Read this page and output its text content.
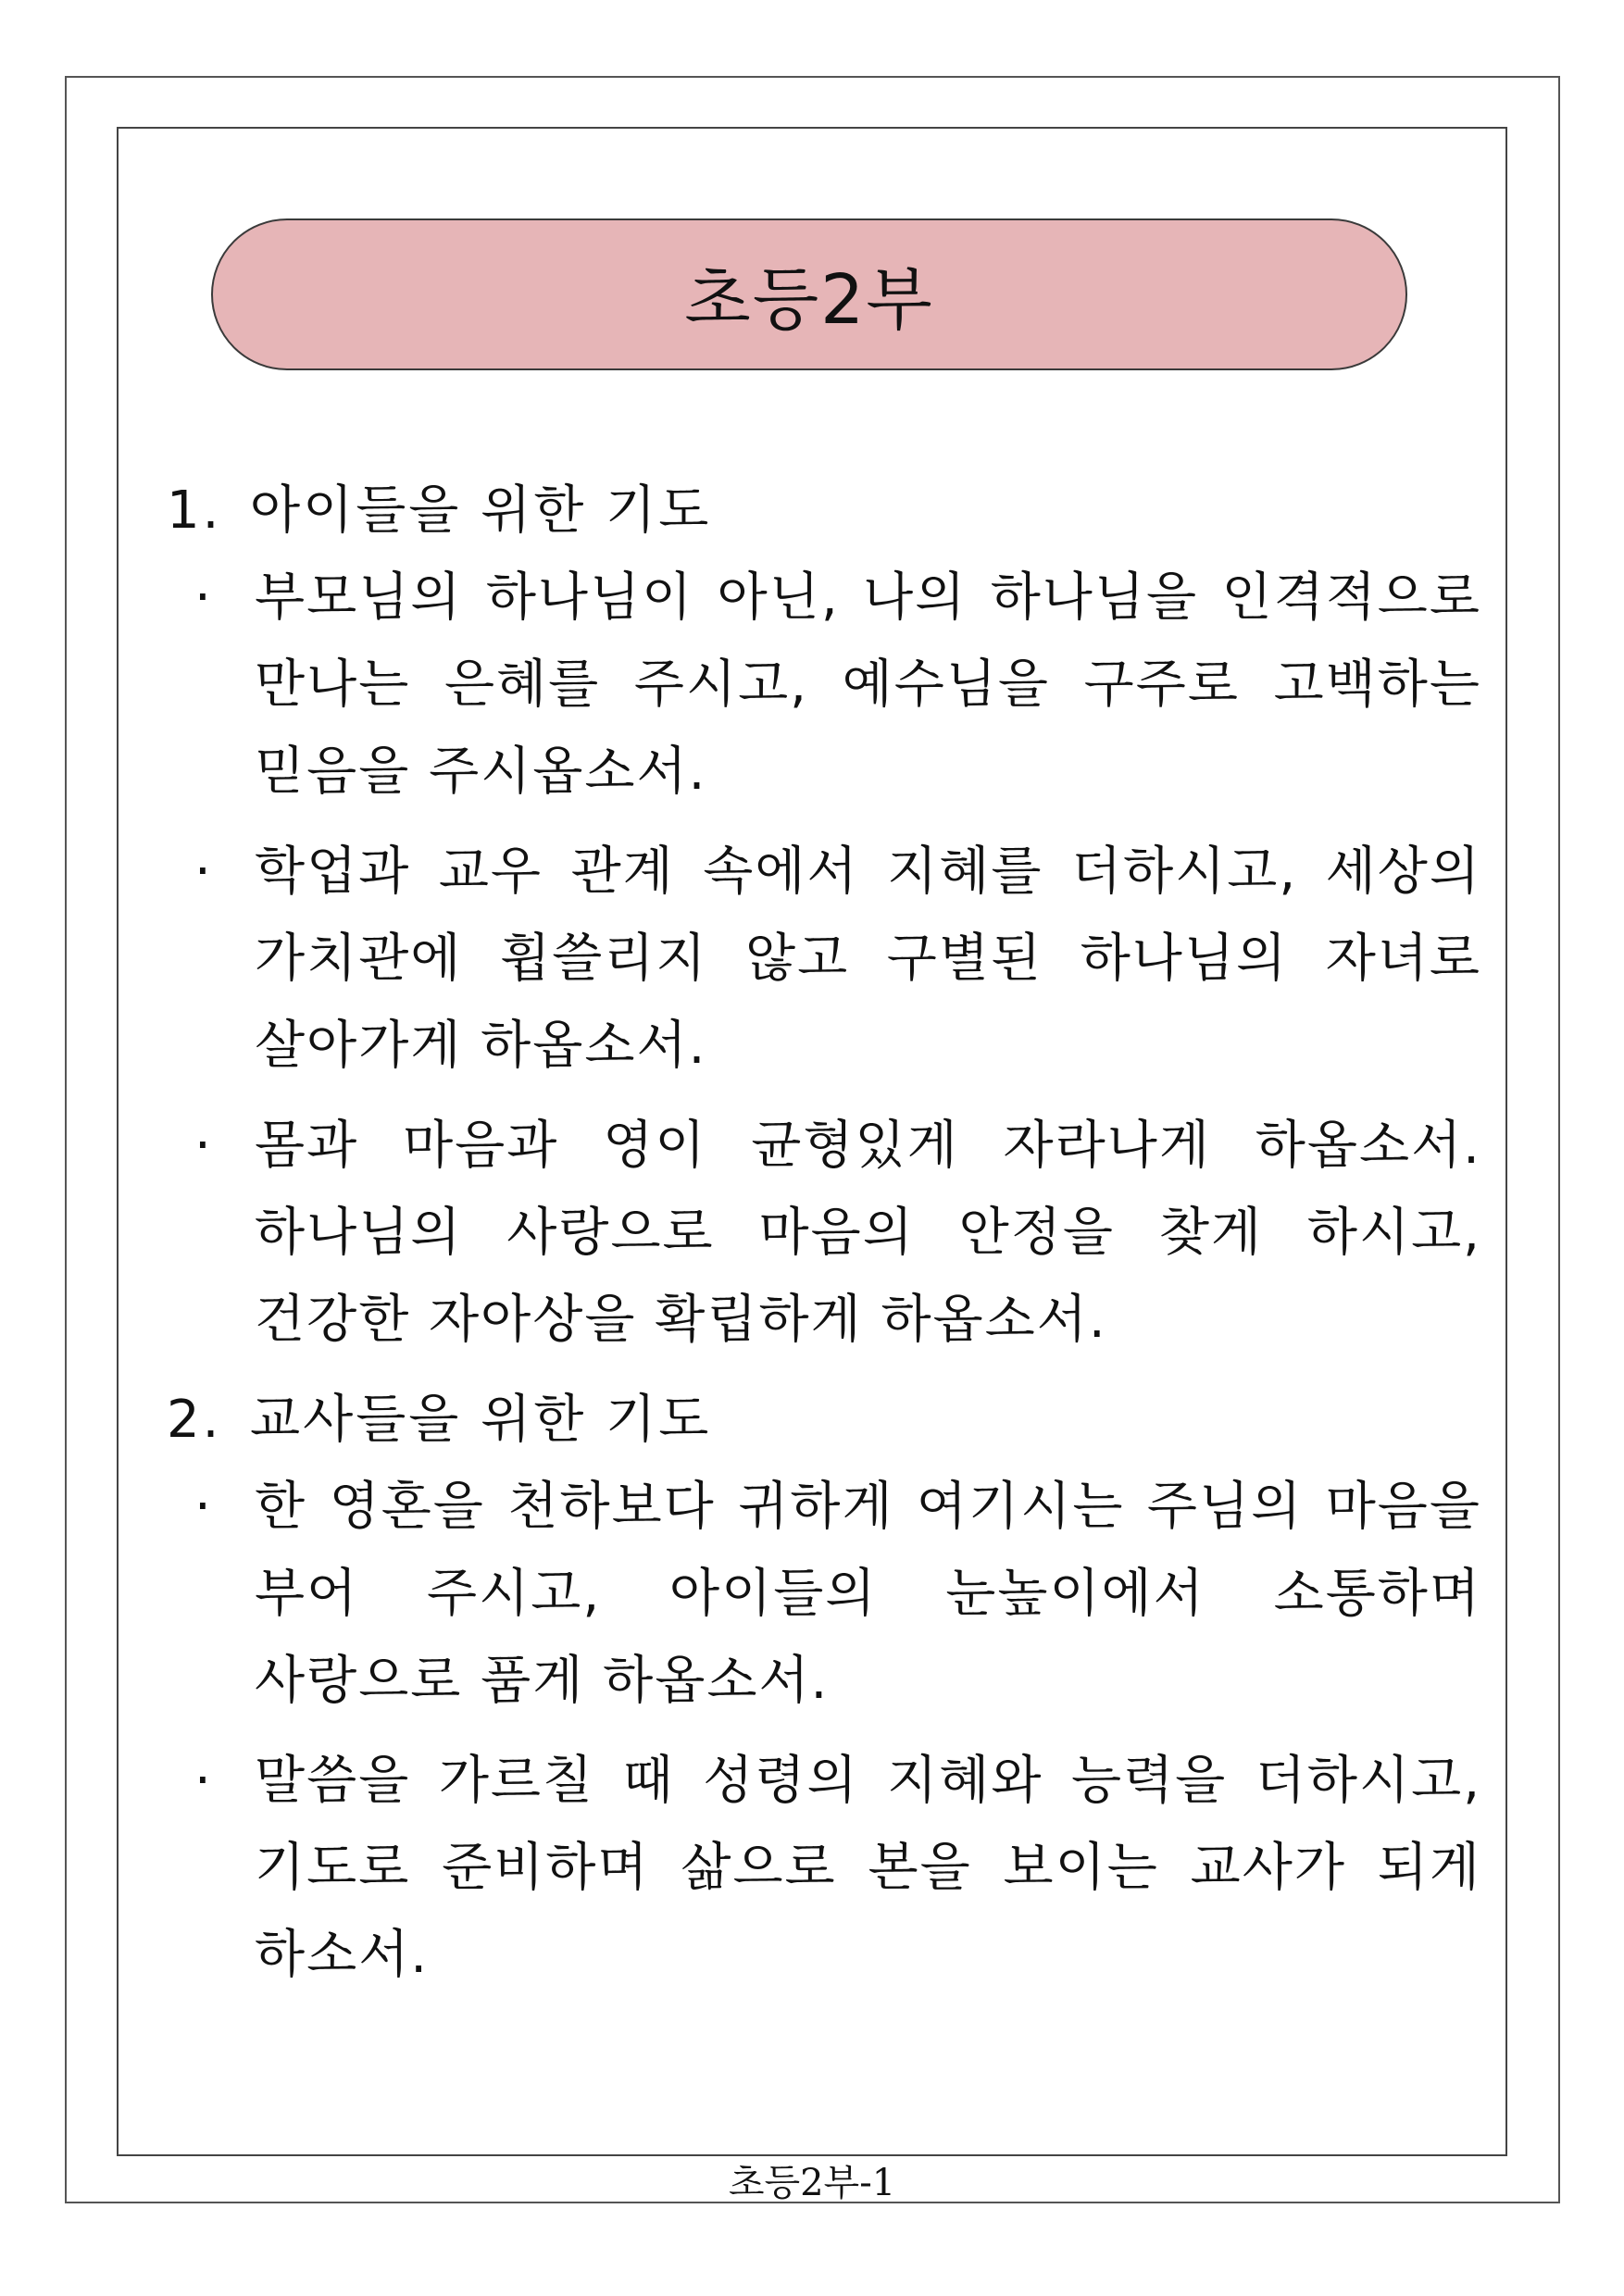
초등2부
1. 아이들을 위한 기도
· 부모님의 하나님이 아닌, 나의 하나님을 인격적으로 만나는 은혜를 주시고, 예수님을 구주로 고백하는 믿음을 주시옵소서.
· 학업과 교우 관계 속에서 지혜를 더하시고, 세상의 가치관에 휩쓸리지 않고 구별된 하나님의 자녀로 살아가게 하옵소서.
· 몸과 마음과 영이 균형있게 자라나게 하옵소서. 하나님의 사랑으로 마음의 안정을 찾게 하시고, 건강한 자아상을 확립하게 하옵소서.
2. 교사들을 위한 기도
· 한 영혼을 천하보다 귀하게 여기시는 주님의 마음을 부어 주시고, 아이들의 눈높이에서 소통하며 사랑으로 품게 하옵소서.
· 말씀을 가르칠 때 성령의 지혜와 능력을 더하시고, 기도로 준비하며 삶으로 본을 보이는 교사가 되게 하소서.
초등2부-1
